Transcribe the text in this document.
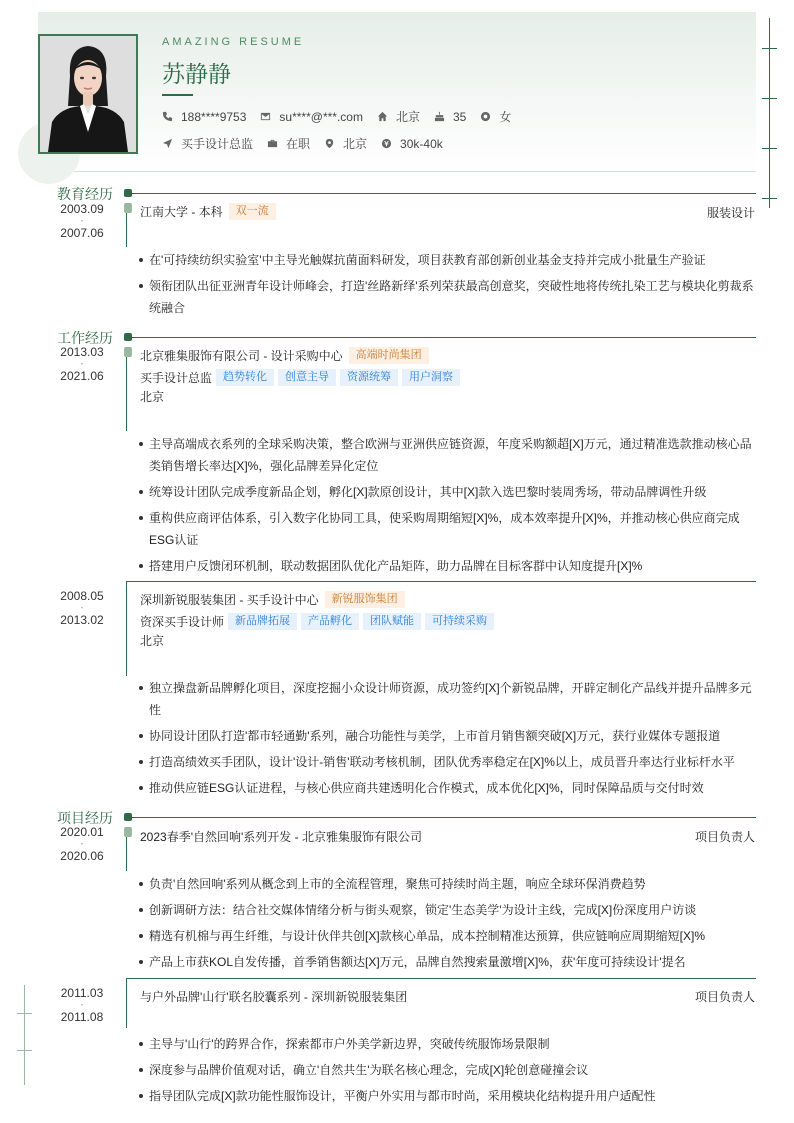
AMAZING RESUME
苏静静
188****9753	su****@***.com	北京	35	女
买手设计总监	在职	北京	30k-40k
教育经历
2003.09
-
2007.06
江南大学 - 本科	双一流	服装设计
在'可持续纺织实验室'中主导光触媒抗菌面料研发，项目获教育部创新创业基金支持并完成小批量生产验证
领衔团队出征亚洲青年设计师峰会，打造'丝路新绎'系列荣获最高创意奖，突破性地将传统扎染工艺与模块化剪裁系统融合
工作经历
2013.03
-
2021.06
北京雅集服饰有限公司 - 设计采购中心	高端时尚集团
买手设计总监	趋势转化	创意主导	资源统筹	用户洞察
北京
主导高端成衣系列的全球采购决策，整合欧洲与亚洲供应链资源，年度采购额超[X]万元，通过精准选款推动核心品类销售增长率达[X]%，强化品牌差异化定位
统筹设计团队完成季度新品企划，孵化[X]款原创设计，其中[X]款入选巴黎时装周秀场，带动品牌调性升级
重构供应商评估体系，引入数字化协同工具，使采购周期缩短[X]%，成本效率提升[X]%，并推动核心供应商完成ESG认证
搭建用户反馈闭环机制，联动数据团队优化产品矩阵，助力品牌在目标客群中认知度提升[X]%
2008.05
-
2013.02
深圳新锐服装集团 - 买手设计中心	新锐服饰集团
资深买手设计师	新品牌拓展	产品孵化	团队赋能	可持续采购
北京
独立操盘新品牌孵化项目，深度挖掘小众设计师资源，成功签约[X]个新锐品牌，开辟定制化产品线并提升品牌多元性
协同设计团队打造'都市轻通勤'系列，融合功能性与美学，上市首月销售额突破[X]万元，获行业媒体专题报道
打造高绩效买手团队，设计'设计-销售'联动考核机制，团队优秀率稳定在[X]%以上，成员晋升率达行业标杆水平
推动供应链ESG认证进程，与核心供应商共建透明化合作模式，成本优化[X]%，同时保障品质与交付时效
项目经历
2020.01
-
2020.06
2023春季'自然回响'系列开发 - 北京雅集服饰有限公司	项目负责人
负责'自然回响'系列从概念到上市的全流程管理，聚焦可持续时尚主题，响应全球环保消费趋势
创新调研方法：结合社交媒体情绪分析与街头观察，锁定'生态美学'为设计主线，完成[X]份深度用户访谈
精选有机棉与再生纤维，与设计伙伴共创[X]款核心单品，成本控制精准达预算，供应链响应周期缩短[X]%
产品上市获KOL自发传播，首季销售额达[X]万元，品牌自然搜索量激增[X]%，获'年度可持续设计'提名
2011.03
-
2011.08
与户外品牌'山行'联名胶囊系列 - 深圳新锐服装集团	项目负责人
主导与'山行'的跨界合作，探索都市户外美学新边界，突破传统服饰场景限制
深度参与品牌价值观对话，确立'自然共生'为联名核心理念，完成[X]轮创意碰撞会议
指导团队完成[X]款功能性服饰设计，平衡户外实用与都市时尚，采用模块化结构提升用户适配性
